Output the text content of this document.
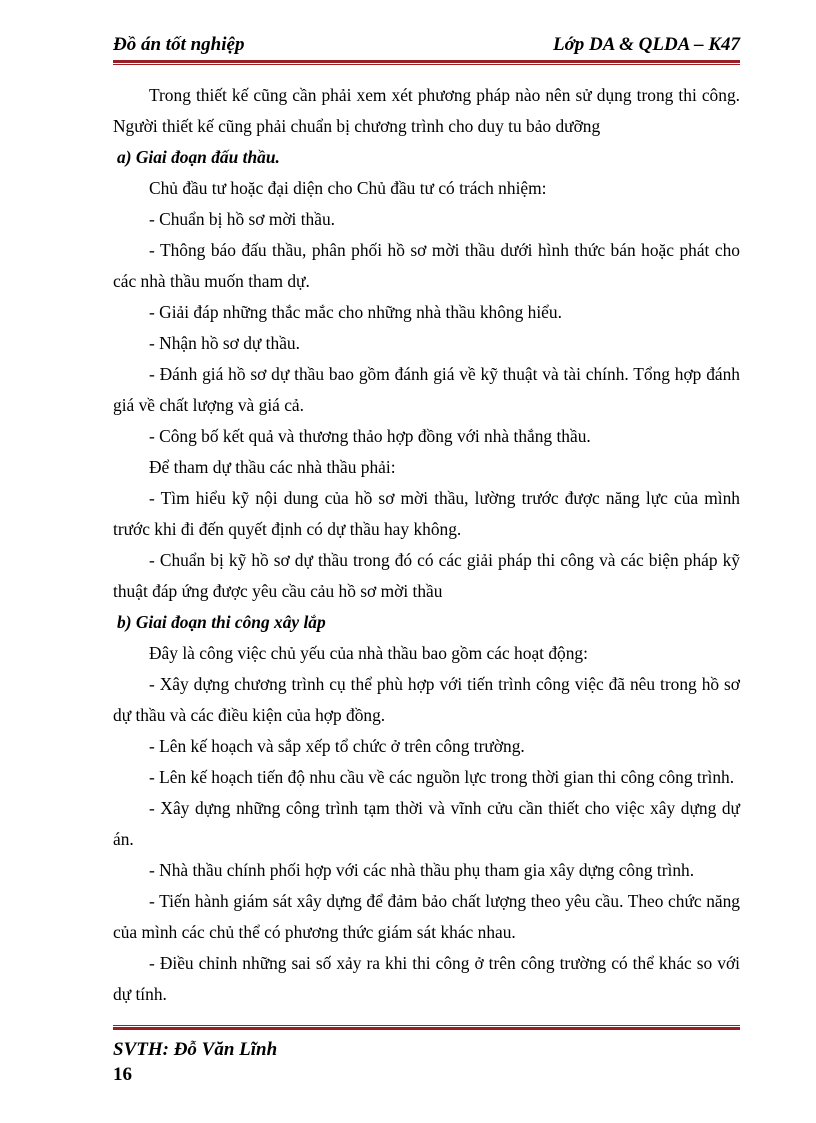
Đồ án tốt nghiệp	Lớp DA & QLDA – K47

Trong thiết kế cũng cần phải xem xét phương pháp nào nên sử dụng trong thi công. Người thiết kế cũng phải chuẩn bị chương trình cho duy tu bảo dưỡng

a) Giai đoạn đấu thầu.

Chủ đầu tư hoặc đại diện cho Chủ đầu tư có trách nhiệm:

- Chuẩn bị hồ sơ mời thầu.

- Thông báo đấu thầu, phân phối hồ sơ mời thầu dưới hình thức bán hoặc phát cho các nhà thầu muốn tham dự.

- Giải đáp những thắc mắc cho những nhà thầu không hiểu.

- Nhận hồ sơ dự thầu.

- Đánh giá hồ sơ dự thầu bao gồm đánh giá về kỹ thuật và tài chính. Tổng hợp đánh giá về chất lượng và giá cả.

- Công bố kết quả và thương thảo hợp đồng với nhà thắng thầu.

Để tham dự thầu các nhà thầu phải:

- Tìm hiểu kỹ nội dung của hồ sơ mời thầu, lường trước được năng lực của mình trước khi đi đến quyết định có dự thầu hay không.

- Chuẩn bị kỹ hồ sơ dự thầu trong đó có các giải pháp thi công và các biện pháp kỹ thuật đáp ứng được yêu cầu cảu hồ sơ mời thầu

b) Giai đoạn thi công xây lắp

Đây là công việc chủ yếu của nhà thầu bao gồm các hoạt động:

- Xây dựng chương trình cụ thể phù hợp với tiến trình công việc đã nêu trong hồ sơ dự thầu và các điều kiện của hợp đồng.

- Lên kế hoạch và sắp xếp tổ chức ở trên công trường.

- Lên kế hoạch tiến độ nhu cầu về các nguồn lực trong thời gian thi công công trình.

- Xây dựng những công trình tạm thời và vĩnh cửu cần thiết cho việc xây dựng dự án.

- Nhà thầu chính phối hợp với các nhà thầu phụ tham gia xây dựng công trình.

- Tiến hành giám sát xây dựng để đảm bảo chất lượng theo yêu cầu. Theo chức năng của mình các chủ thể có phương thức giám sát khác nhau.

- Điều chỉnh những sai số xảy ra khi thi công ở trên công trường có thể khác so với dự tính.

SVTH: Đỗ Văn Lĩnh
16
